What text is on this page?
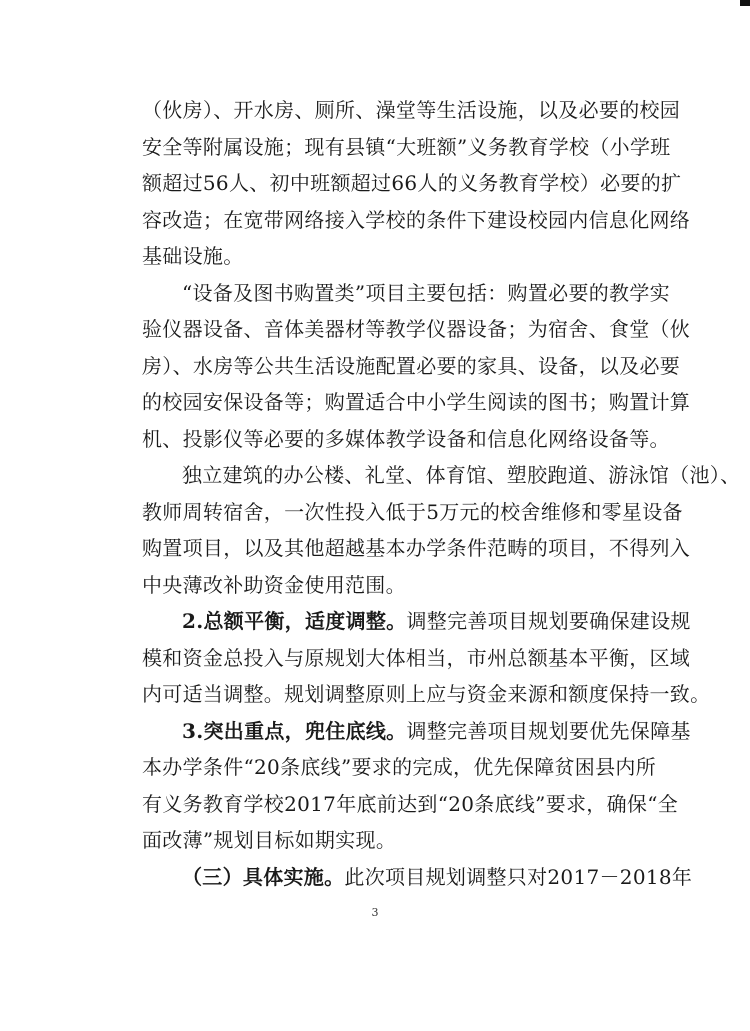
（伙房）、开水房、厕所、澡堂等生活设施，以及必要的校园
安全等附属设施；现有县镇“大班额”义务教育学校（小学班
额超过56人、初中班额超过66人的义务教育学校）必要的扩
容改造；在宽带网络接入学校的条件下建设校园内信息化网络
基础设施。
“设备及图书购置类”项目主要包括：购置必要的教学实
验仪器设备、音体美器材等教学仪器设备；为宿舍、食堂（伙
房）、水房等公共生活设施配置必要的家具、设备，以及必要
的校园安保设备等；购置适合中小学生阅读的图书；购置计算
机、投影仪等必要的多媒体教学设备和信息化网络设备等。
独立建筑的办公楼、礼堂、体育馆、塑胶跑道、游泳馆（池）、
教师周转宿舍，一次性投入低于5万元的校舍维修和零星设备
购置项目，以及其他超越基本办学条件范畴的项目，不得列入
中央薄改补助资金使用范围。
2.总额平衡，适度调整。调整完善项目规划要确保建设规
模和资金总投入与原规划大体相当，市州总额基本平衡，区域
内可适当调整。规划调整原则上应与资金来源和额度保持一致。
3.突出重点，兜住底线。调整完善项目规划要优先保障基
本办学条件“20条底线”要求的完成，优先保障贫困县内所
有义务教育学校2017年底前达到“20条底线”要求，确保“全
面改薄”规划目标如期实现。
（三）具体实施。此次项目规划调整只对2017－2018年
3
